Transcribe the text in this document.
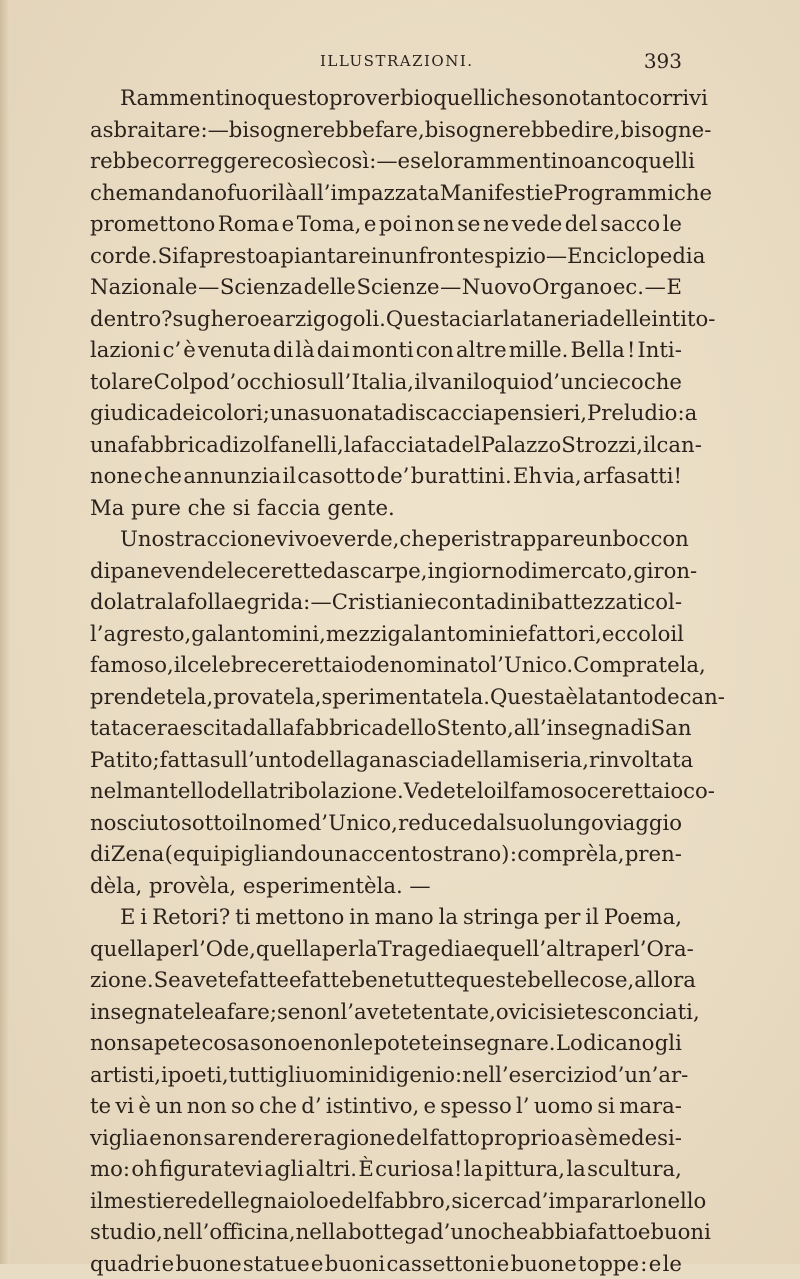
ILLUSTRAZIONI.	393
Rammentino questo proverbio quelli che sono tanto corrivi
a sbraitare : — bisognerebbe fare, bisognerebbe dire, bisogne-
rebbe correggere così e così : — e se lo rammentino anco quelli
che mandano fuori là all’ impazzata Manifesti e Programmi che
promettono Roma e Toma, e poi non se ne vede del sacco le
corde. Si fa presto a piantare in un frontespizio —Enciclopedia
Nazionale — Scienza delle Scienze — Nuovo Organo ec. — E
dentro ? sughero e arzigogoli. Questa ciarlataneria delle intito-
lazioni c’ è venuta di là dai monti con altre mille. Bella ! Inti-
tolare Colpo d’ occhio sull’ Italia, il vaniloquio d’ un cieco che
giudica dei colori; una suonata di scacciapensieri, Preludio: a
una fabbrica di zolfanelli, la facciata del Palazzo Strozzi, il can-
none che annunzia il casotto de’ burattini. Eh via, arfasatti!
Ma pure che si faccia gente.
Uno straccione vivo e verde, che per istrappare un boccon
di pane vende le cerette da scarpe, in giorno di mercato, giron-
dola tra la folla e grida: — Cristiani e contadini battezzati col-
l’ agresto, galantomini, mezzi galantomini e fattori, eccolo il
famoso, il celebre cerettaio denominato l’ Unico. Compratela,
prendetela, provatela, sperimentatela. Questa è la tanto decan-
tata cera escita dalla fabbrica dello Stento, all’ insegna di San
Patito; fatta sull’ unto della ganascia della miseria, rinvoltata
nel mantello della tribolazione. Vedetelo il famoso cerettaio co-
nosciuto sotto il nome d’ Unico, reduce dal suo lungo viaggio
di Zena (e qui pigliando un accento strano) : comprèla, pren-
dèla, provèla, esperimentèla. —
E i Retori? ti mettono in mano la stringa per il Poema,
quella per l’ Ode, quella per la Tragedia e quell’altra per l’Ora-
zione. Se avete fatte e fatte bene tutte queste belle cose, allora
insegnatele a fare; se non l’avete tentate, o vi ci siete sconciati,
non sapete cosa sono e non le potete insegnare. Lo dicano gli
artisti, i poeti, tutti gli uomini di genio: nell’esercizio d’un’ar-
te vi è un non so che d’ istintivo, e spesso l’ uomo si mara-
viglia e non sa rendere ragione del fatto proprio a sè medesi-
mo: oh figuratevi agli altri. È curiosa! la pittura, la scultura,
il mestiere del legnaiolo e del fabbro, si cerca d’impararlo nello
studio, nell’officina, nella bottega d’uno che abbia fatto e buoni
quadri e buone statue e buoni cassettoni e buone toppe : e le
